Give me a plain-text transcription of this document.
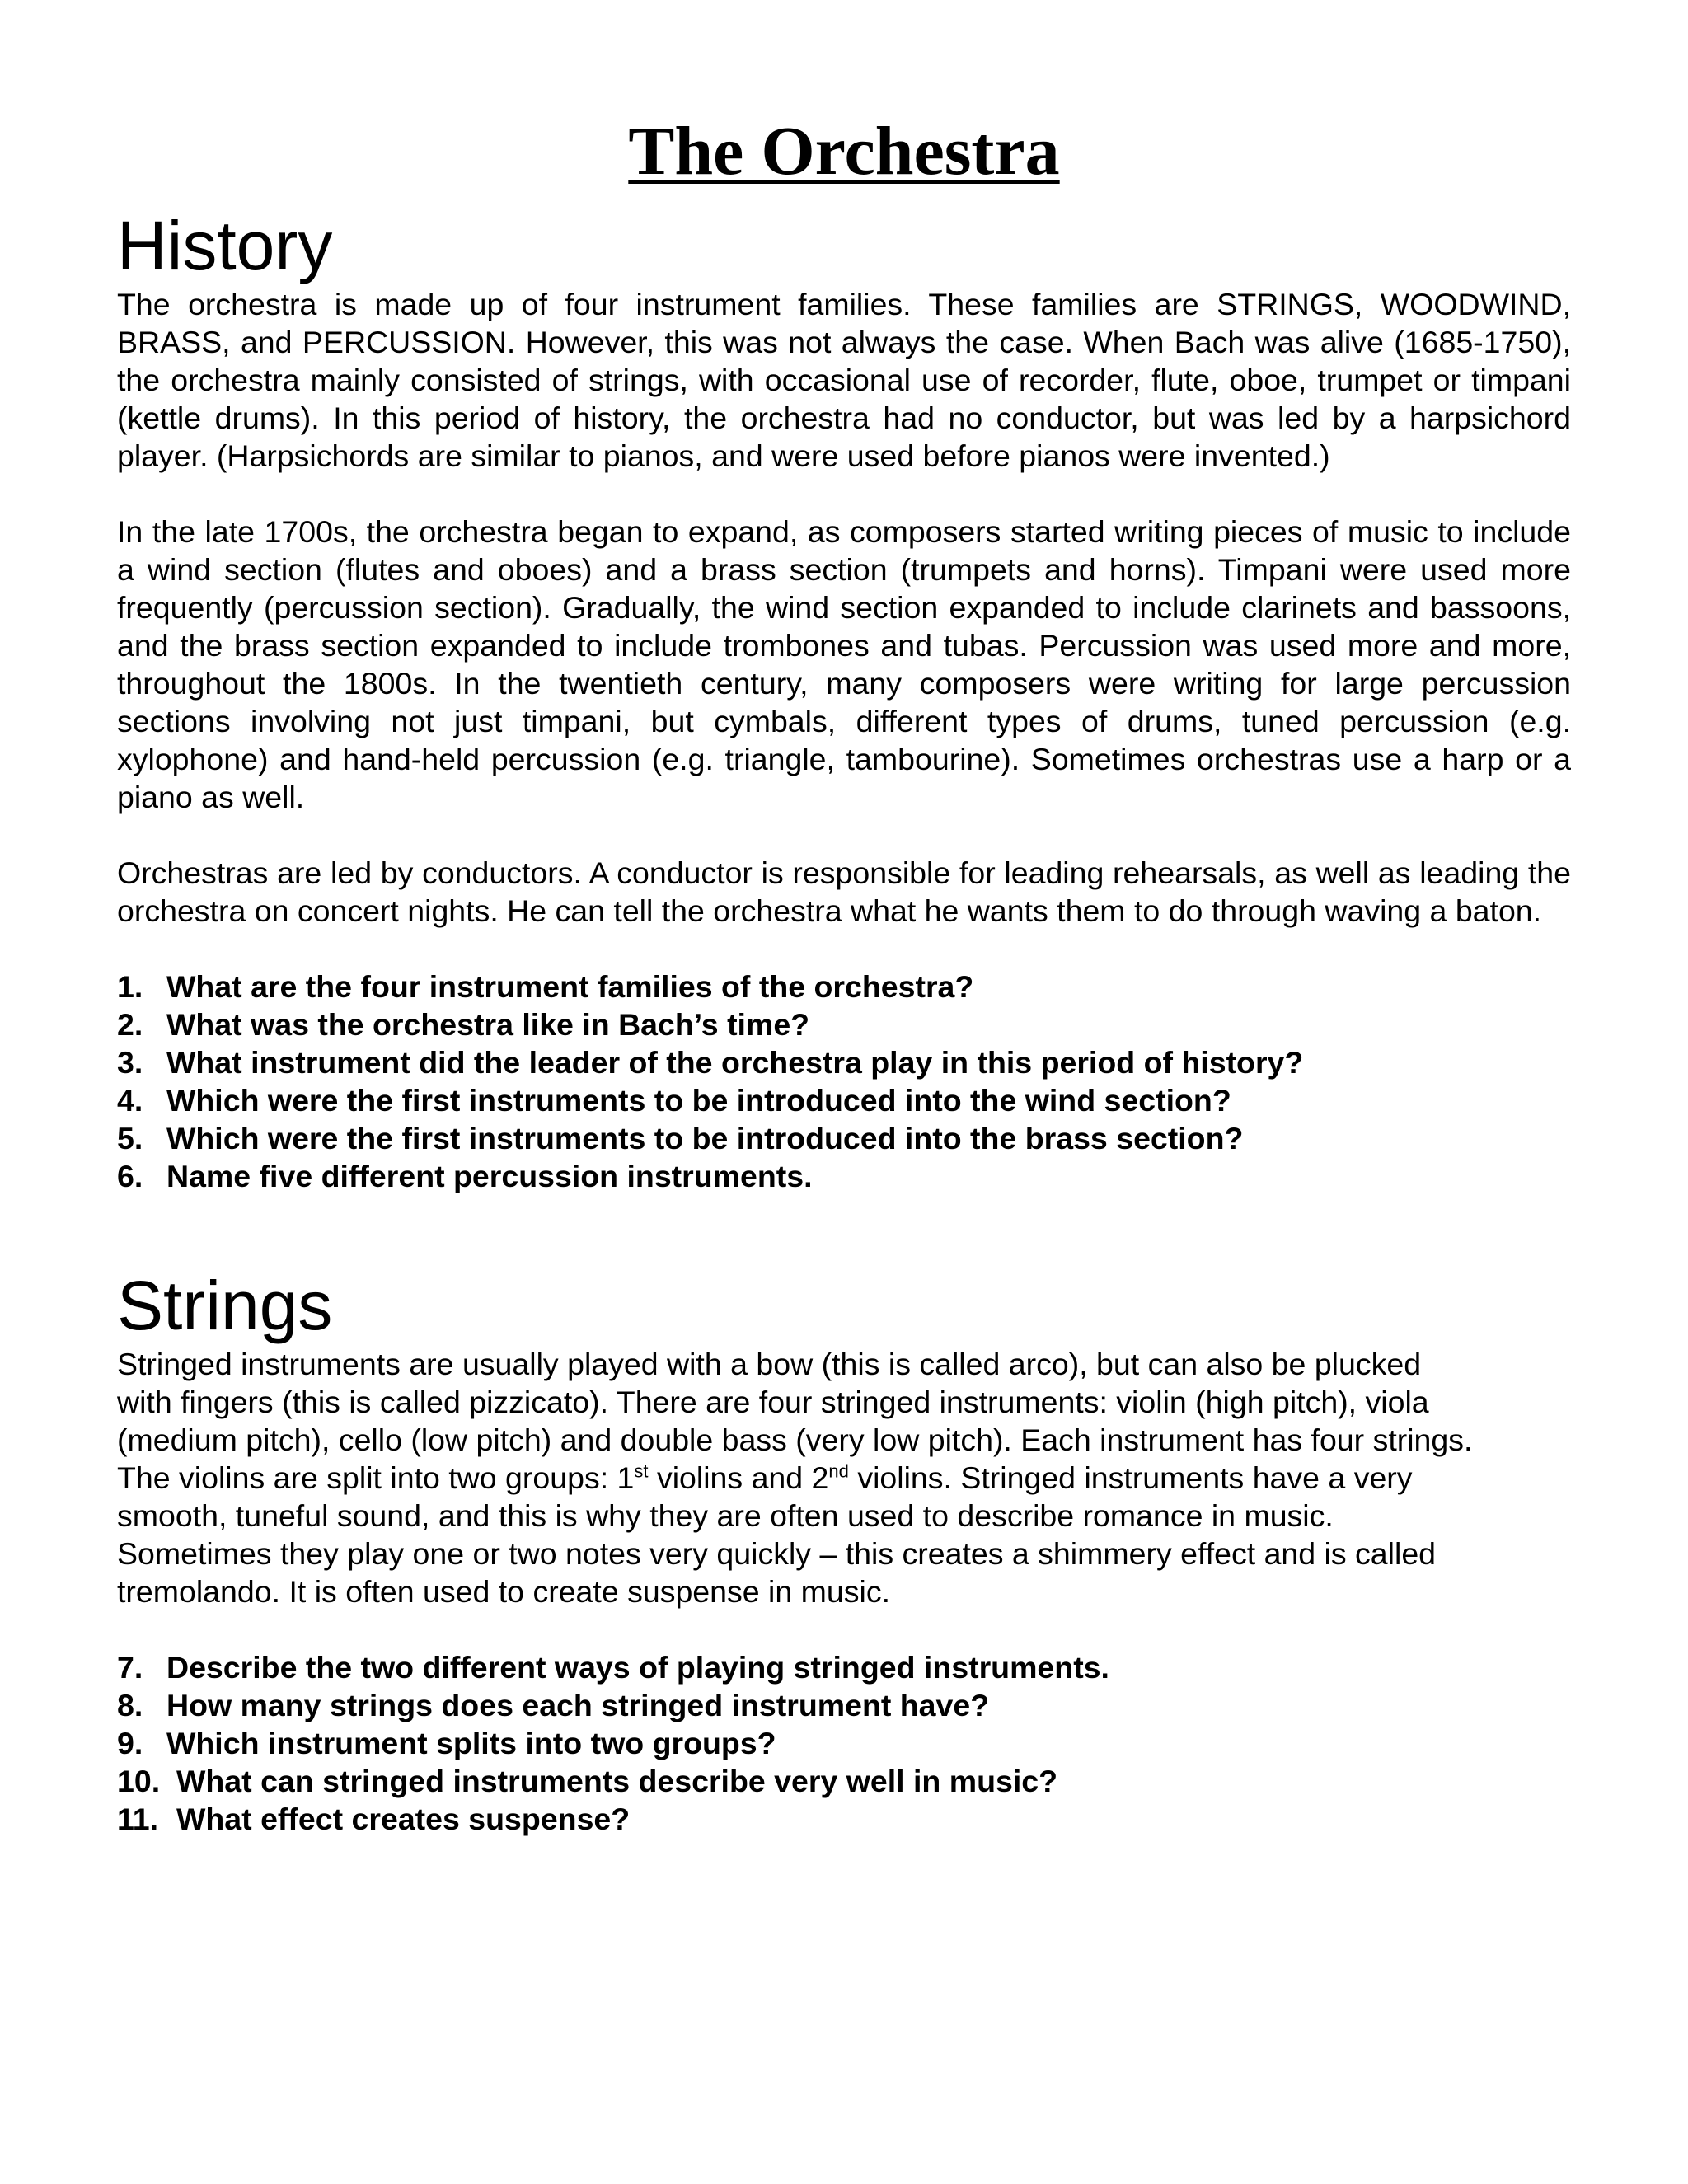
The Orchestra
History

The orchestra is made up of four instrument families. These families are STRINGS, WOODWIND, BRASS, and PERCUSSION. However, this was not always the case. When Bach was alive (1685-1750), the orchestra mainly consisted of strings, with occasional use of recorder, flute, oboe, trumpet or timpani (kettle drums). In this period of history, the orchestra had no conductor, but was led by a harpsichord player. (Harpsichords are similar to pianos, and were used before pianos were invented.)

In the late 1700s, the orchestra began to expand, as composers started writing pieces of music to include a wind section (flutes and oboes) and a brass section (trumpets and horns). Timpani were used more frequently (percussion section). Gradually, the wind section expanded to include clarinets and bassoons, and the brass section expanded to include trombones and tubas. Percussion was used more and more, throughout the 1800s. In the twentieth century, many composers were writing for large percussion sections involving not just timpani, but cymbals, different types of drums, tuned percussion (e.g. xylophone) and hand-held percussion (e.g. triangle, tambourine). Sometimes orchestras use a harp or a piano as well.

Orchestras are led by conductors. A conductor is responsible for leading rehearsals, as well as leading the orchestra on concert nights. He can tell the orchestra what he wants them to do through waving a baton.

1. What are the four instrument families of the orchestra?
2. What was the orchestra like in Bach’s time?
3. What instrument did the leader of the orchestra play in this period of history?
4. Which were the first instruments to be introduced into the wind section?
5. Which were the first instruments to be introduced into the brass section?
6. Name five different percussion instruments.
Strings
Stringed instruments are usually played with a bow (this is called arco), but can also be plucked
with fingers (this is called pizzicato). There are four stringed instruments: violin (high pitch), viola
(medium pitch), cello (low pitch) and double bass (very low pitch). Each instrument has four strings.
The violins are split into two groups: 1st violins and 2nd violins. Stringed instruments have a very
smooth, tuneful sound, and this is why they are often used to describe romance in music.
Sometimes they play one or two notes very quickly – this creates a shimmery effect and is called
tremolando. It is often used to create suspense in music.
7. Describe the two different ways of playing stringed instruments.
8. How many strings does each stringed instrument have?
9. Which instrument splits into two groups?
10. What can stringed instruments describe very well in music?
11. What effect creates suspense?
